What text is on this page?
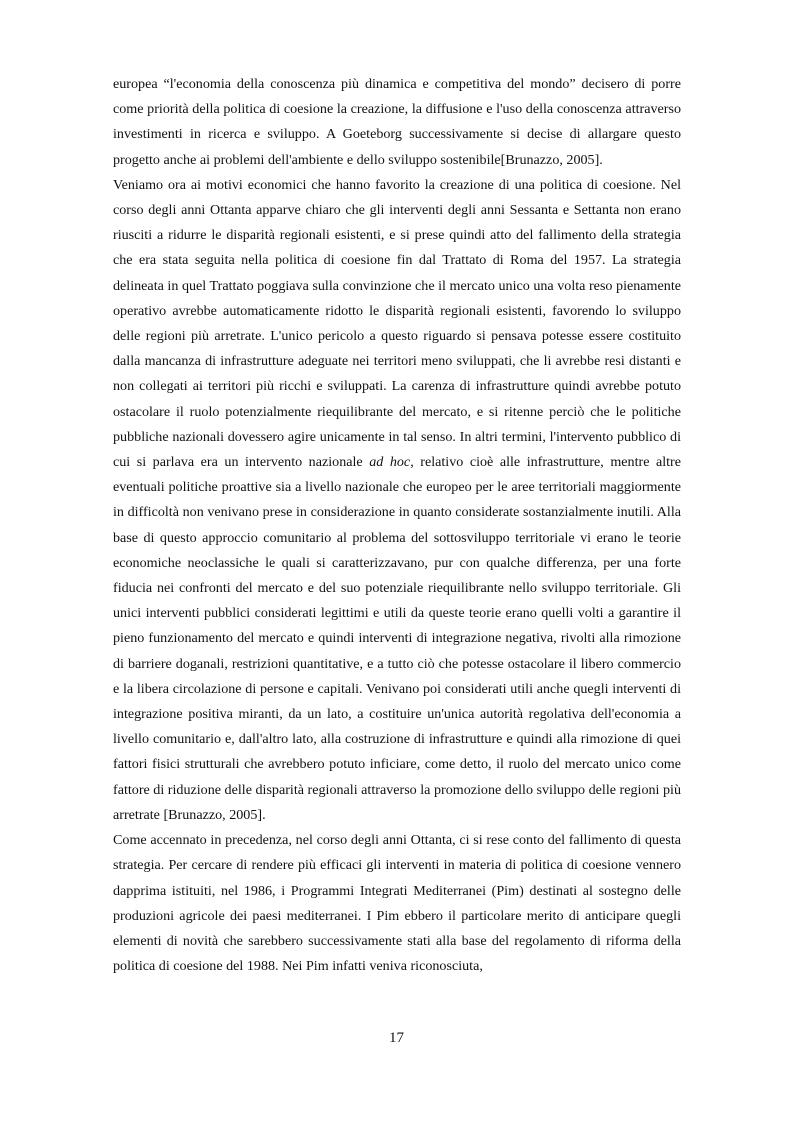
europea “l'economia della conoscenza più dinamica e competitiva del mondo” decisero di porre come priorità della politica di coesione la creazione, la diffusione e l'uso della conoscenza attraverso investimenti in ricerca e sviluppo. A Goeteborg successivamente si decise di allargare questo progetto anche ai problemi dell'ambiente e dello sviluppo sostenibile[Brunazzo, 2005].

Veniamo ora ai motivi economici che hanno favorito la creazione di una politica di coesione. Nel corso degli anni Ottanta apparve chiaro che gli interventi degli anni Sessanta e Settanta non erano riusciti a ridurre le disparità regionali esistenti, e si prese quindi atto del fallimento della strategia che era stata seguita nella politica di coesione fin dal Trattato di Roma del 1957. La strategia delineata in quel Trattato poggiava sulla convinzione che il mercato unico una volta reso pienamente operativo avrebbe automaticamente ridotto le disparità regionali esistenti, favorendo lo sviluppo delle regioni più arretrate. L'unico pericolo a questo riguardo si pensava potesse essere costituito dalla mancanza di infrastrutture adeguate nei territori meno sviluppati, che li avrebbe resi distanti e non collegati ai territori più ricchi e sviluppati. La carenza di infrastrutture quindi avrebbe potuto ostacolare il ruolo potenzialmente riequilibrante del mercato, e si ritenne perciò che le politiche pubbliche nazionali dovessero agire unicamente in tal senso. In altri termini, l'intervento pubblico di cui si parlava era un intervento nazionale ad hoc, relativo cioè alle infrastrutture, mentre altre eventuali politiche proattive sia a livello nazionale che europeo per le aree territoriali maggiormente in difficoltà non venivano prese in considerazione in quanto considerate sostanzialmente inutili. Alla base di questo approccio comunitario al problema del sottosviluppo territoriale vi erano le teorie economiche neoclassiche le quali si caratterizzavano, pur con qualche differenza, per una forte fiducia nei confronti del mercato e del suo potenziale riequilibrante nello sviluppo territoriale. Gli unici interventi pubblici considerati legittimi e utili da queste teorie erano quelli volti a garantire il pieno funzionamento del mercato e quindi interventi di integrazione negativa, rivolti alla rimozione di barriere doganali, restrizioni quantitative, e a tutto ciò che potesse ostacolare il libero commercio e la libera circolazione di persone e capitali. Venivano poi considerati utili anche quegli interventi di integrazione positiva miranti, da un lato, a costituire un'unica autorità regolativa dell'economia a livello comunitario e, dall'altro lato, alla costruzione di infrastrutture e quindi alla rimozione di quei fattori fisici strutturali che avrebbero potuto inficiare, come detto, il ruolo del mercato unico come fattore di riduzione delle disparità regionali attraverso la promozione dello sviluppo delle regioni più arretrate [Brunazzo, 2005].

Come accennato in precedenza, nel corso degli anni Ottanta, ci si rese conto del fallimento di questa strategia. Per cercare di rendere più efficaci gli interventi in materia di politica di coesione vennero dapprima istituiti, nel 1986, i Programmi Integrati Mediterranei (Pim) destinati al sostegno delle produzioni agricole dei paesi mediterranei. I Pim ebbero il particolare merito di anticipare quegli elementi di novità che sarebbero successivamente stati alla base del regolamento di riforma della politica di coesione del 1988. Nei Pim infatti veniva riconosciuta,

17
